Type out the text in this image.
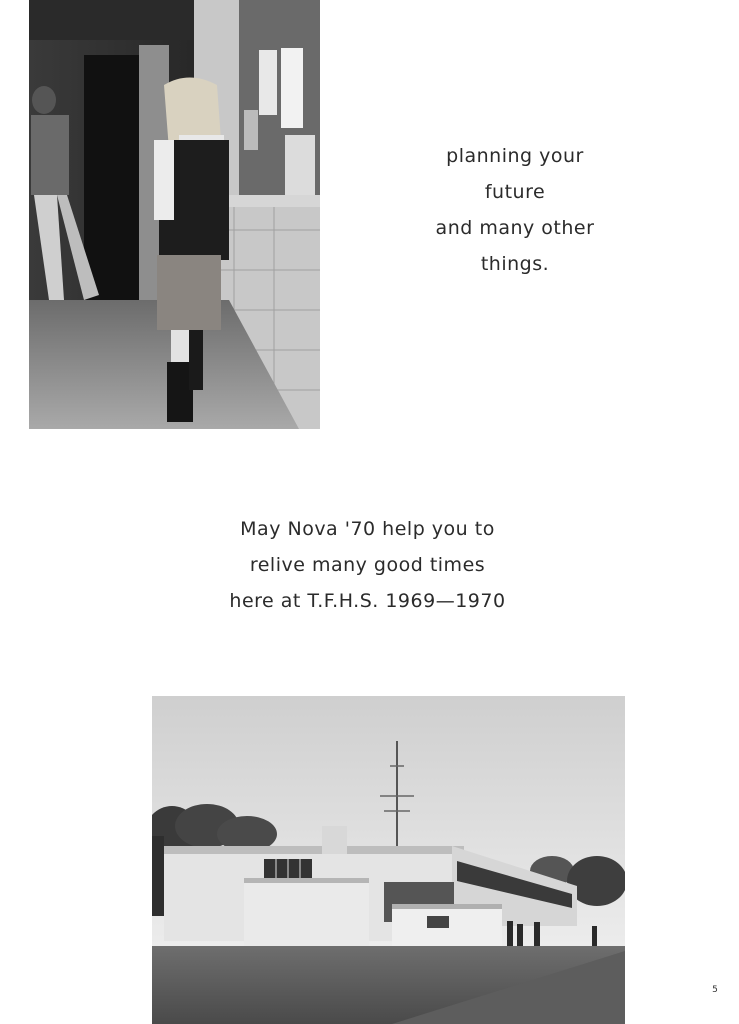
planning your
future
and many other
things.
May Nova '70 help you to
relive many good times
here at T.F.H.S. 1969—1970
5
